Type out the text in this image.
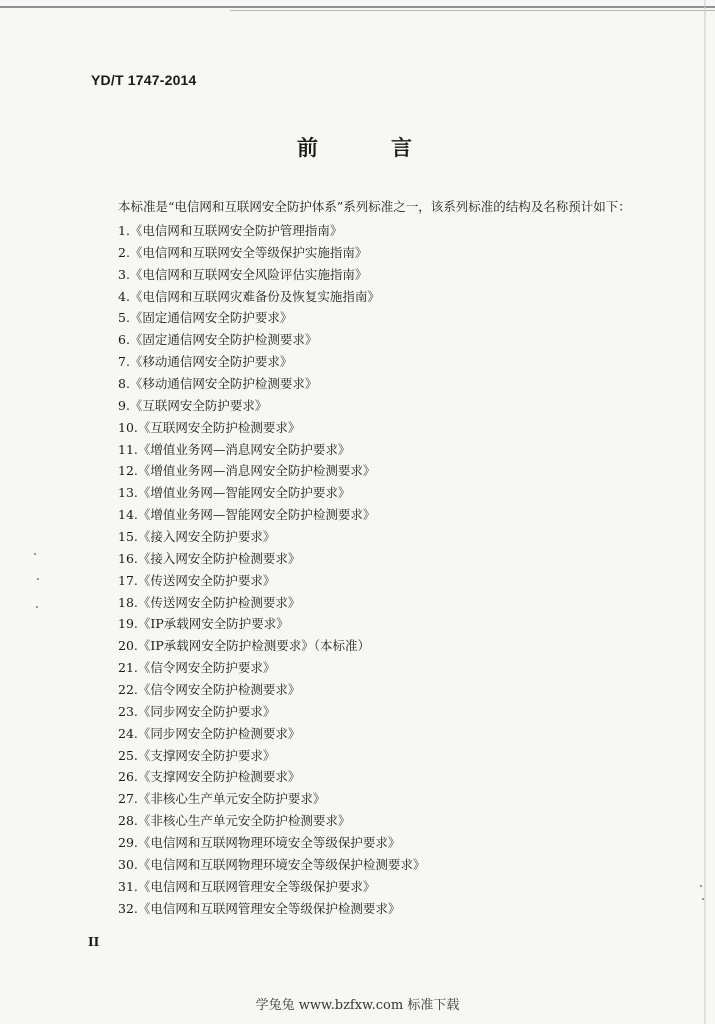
YD/T 1747-2014
前　言
本标准是“电信网和互联网安全防护体系”系列标准之一，该系列标准的结构及名称预计如下：
1.《电信网和互联网安全防护管理指南》
2.《电信网和互联网安全等级保护实施指南》
3.《电信网和互联网安全风险评估实施指南》
4.《电信网和互联网灾难备份及恢复实施指南》
5.《固定通信网安全防护要求》
6.《固定通信网安全防护检测要求》
7.《移动通信网安全防护要求》
8.《移动通信网安全防护检测要求》
9.《互联网安全防护要求》
10.《互联网安全防护检测要求》
11.《增值业务网—消息网安全防护要求》
12.《增值业务网—消息网安全防护检测要求》
13.《增值业务网—智能网安全防护要求》
14.《增值业务网—智能网安全防护检测要求》
15.《接入网安全防护要求》
16.《接入网安全防护检测要求》
17.《传送网安全防护要求》
18.《传送网安全防护检测要求》
19.《IP承载网安全防护要求》
20.《IP承载网安全防护检测要求》（本标准）
21.《信令网安全防护要求》
22.《信令网安全防护检测要求》
23.《同步网安全防护要求》
24.《同步网安全防护检测要求》
25.《支撑网安全防护要求》
26.《支撑网安全防护检测要求》
27.《非核心生产单元安全防护要求》
28.《非核心生产单元安全防护检测要求》
29.《电信网和互联网物理环境安全等级保护要求》
30.《电信网和互联网物理环境安全等级保护检测要求》
31.《电信网和互联网管理安全等级保护要求》
32.《电信网和互联网管理安全等级保护检测要求》
II
学兔兔 www.bzfxw.com 标准下载
